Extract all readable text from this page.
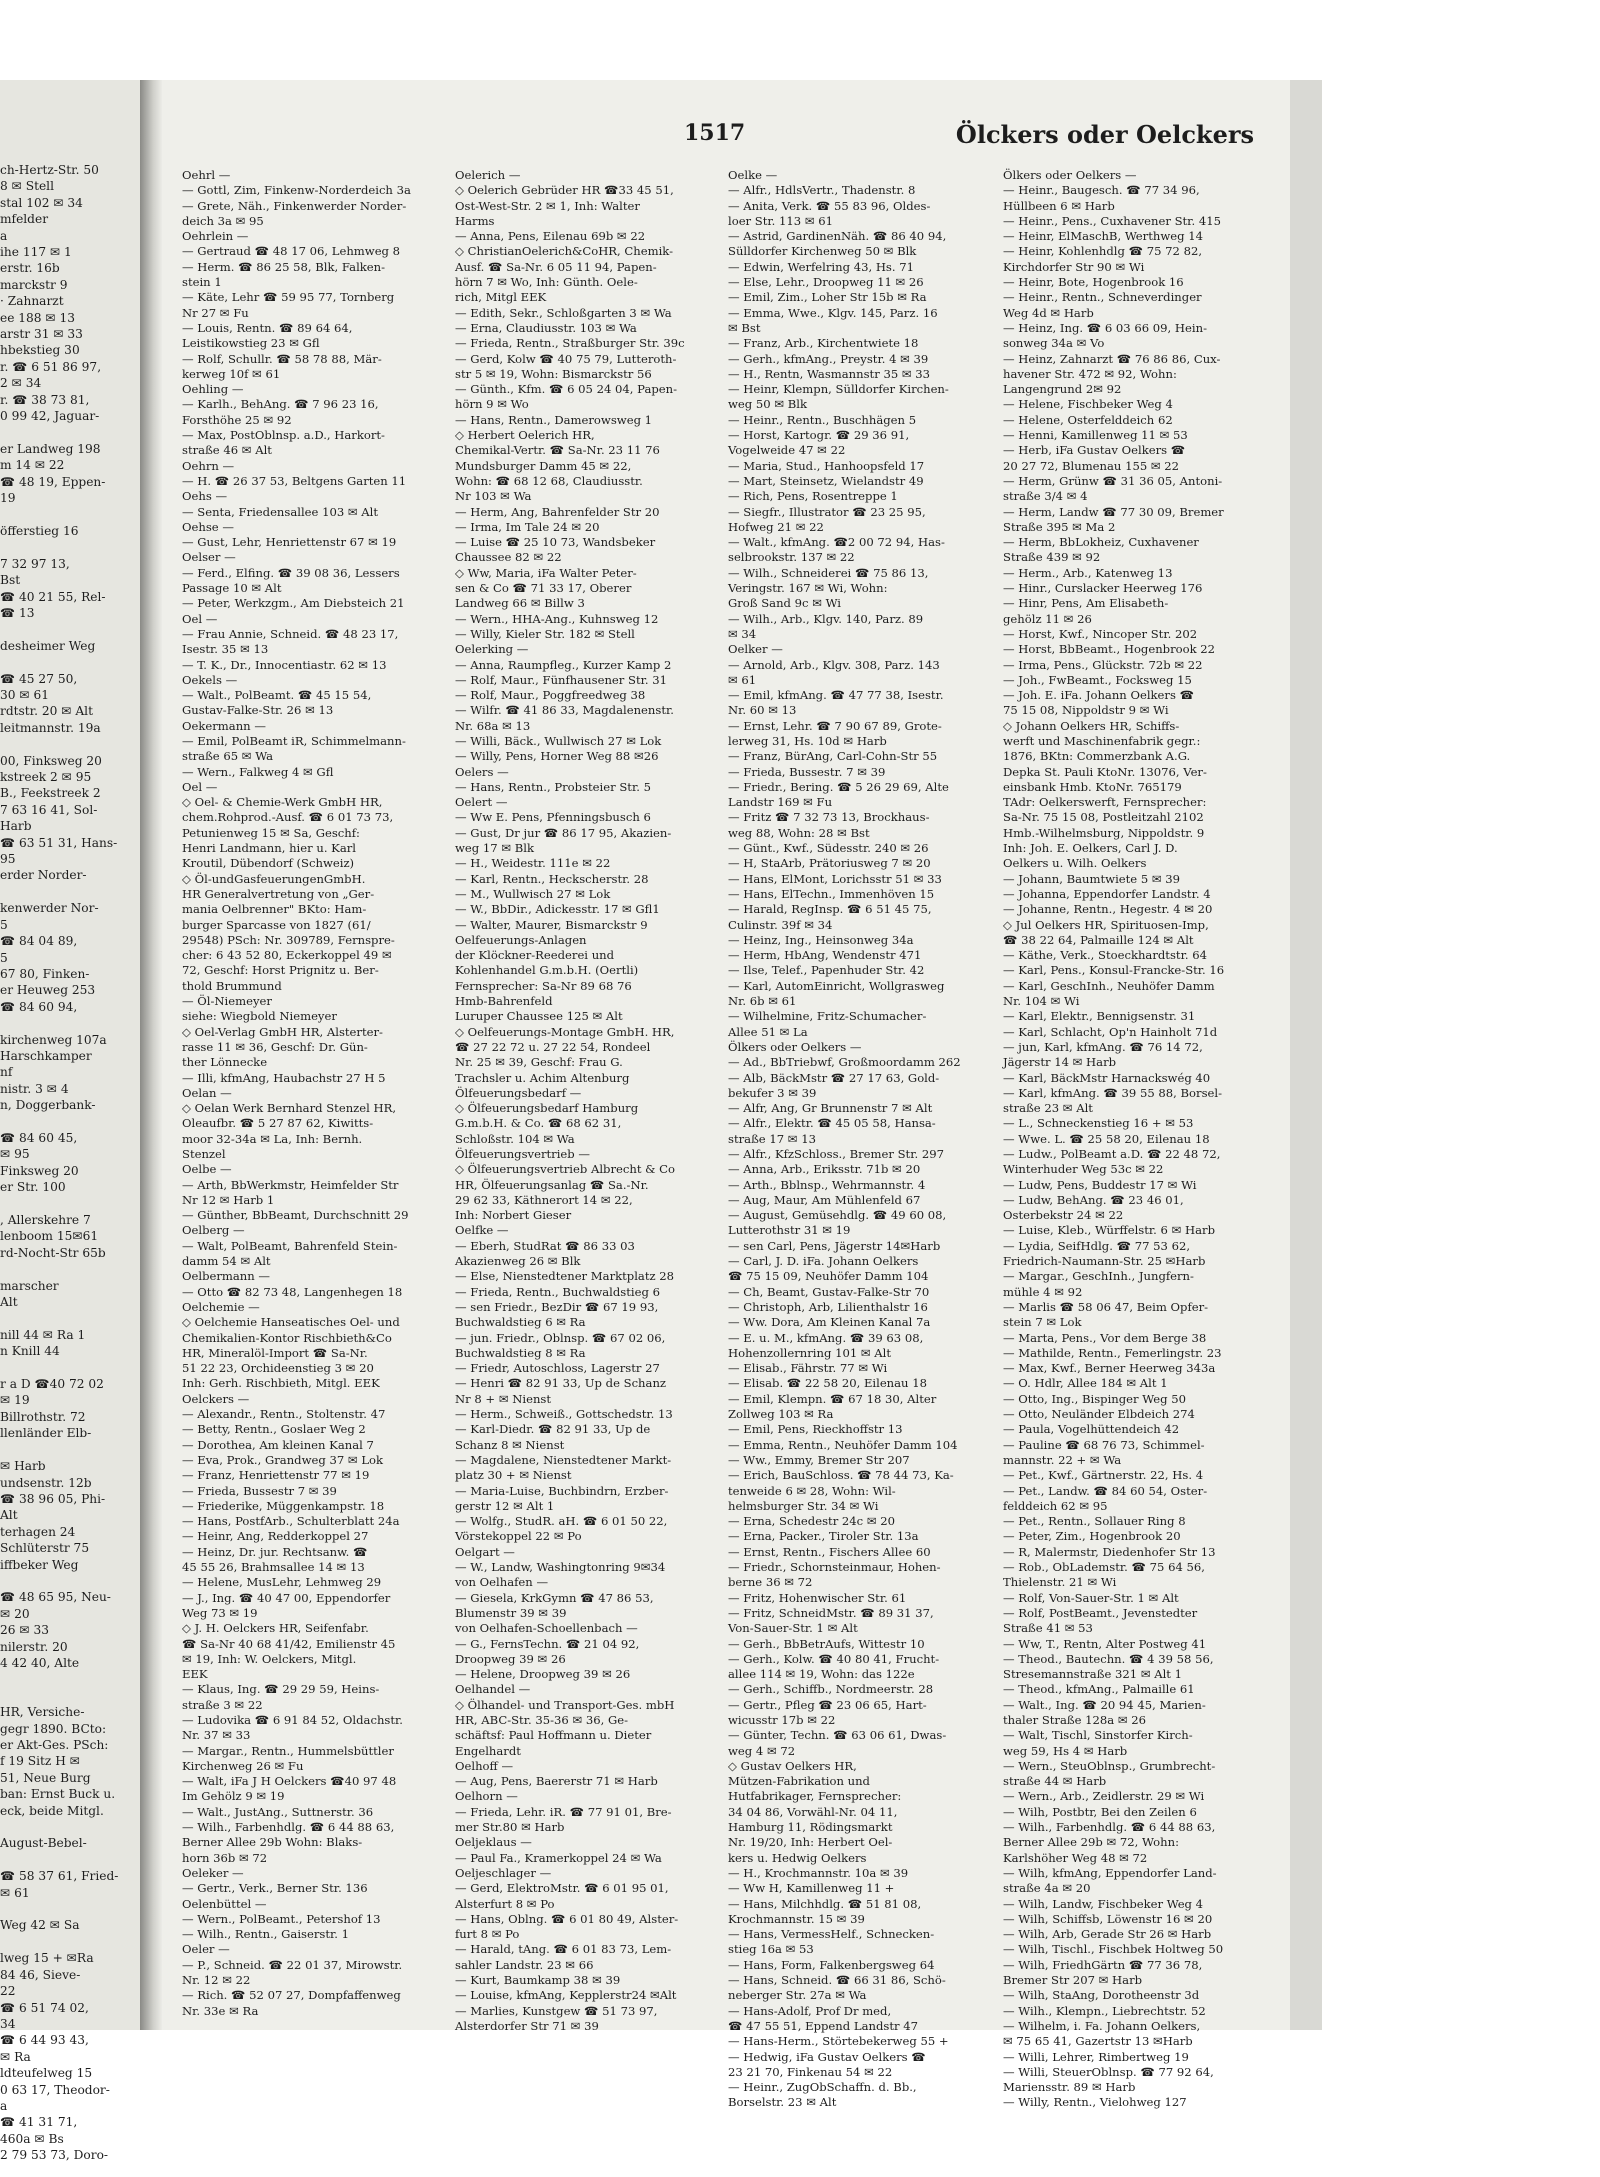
ch-Hertz-Str. 50
8 ✉ Stell
stal 102 ✉ 34
mfelder
a
ihe 117 ✉ 1
erstr. 16b
marckstr 9
· Zahnarzt
ee 188 ✉ 13
arstr 31 ✉ 33
hbekstieg 30
r. ☎ 6 51 86 97,
2 ✉ 34
r. ☎ 38 73 81,
0 99 42, Jaguar-

er Landweg 198
m 14 ✉ 22
☎ 48 19, Eppen-
19

öfferstieg 16

7 32 97 13,
Bst
☎ 40 21 55, Rel-
☎ 13

desheimer Weg

☎ 45 27 50,
30 ✉ 61
rdtstr. 20 ✉ Alt
leitmannstr. 19a

00, Finksweg 20
kstreek 2 ✉ 95
B., Feekstreek 2
7 63 16 41, Sol-
Harb
☎ 63 51 31, Hans-
95
erder Norder-

kenwerder Nor-
5
☎ 84 04 89,
5
67 80, Finken-
er Heuweg 253
☎ 84 60 94,

kirchenweg 107a
Harschkamper
nf
nistr. 3 ✉ 4
n, Doggerbank-

☎ 84 60 45,
✉ 95
Finksweg 20
er Str. 100

, Allerskehre 7
lenboom 15✉61
rd-Nocht-Str 65b

marscher
Alt

nill 44 ✉ Ra 1
n Knill 44

r a D ☎40 72 02
✉ 19
Billrothstr. 72
llenländer Elb-

✉ Harb
undsenstr. 12b
☎ 38 96 05, Phi-
Alt
terhagen 24
Schlüterstr 75
iffbeker Weg

☎ 48 65 95, Neu-
✉ 20
26 ✉ 33
nilerstr. 20
4 42 40, Alte

HR, Versiche-
gegr 1890. BCto:
er Akt-Ges. PSch:
f 19 Sitz H ✉
51, Neue Burg
ban: Ernst Buck u.
eck, beide Mitgl.

August-Bebel-

☎ 58 37 61, Fried-
✉ 61

Weg 42 ✉ Sa

lweg 15 + ✉Ra
84 46, Sieve-
22
☎ 6 51 74 02,
34
☎ 6 44 93 43,
✉ Ra
ldteufelweg 15
0 63 17, Theodor-
a
☎ 41 31 71,
460a ✉ Bs
2 79 53 73, Doro-
1517	Ölckers oder Oelckers
Oehrl —
— Gottl, Zim, Finkenw-Norderdeich 3a
— Grete, Näh., Finkenwerder Norder-
deich 3a ✉ 95
Oehrlein —
— Gertraud ☎ 48 17 06, Lehmweg 8
— Herm. ☎ 86 25 58, Blk, Falken-
stein 1
— Käte, Lehr ☎ 59 95 77, Tornberg
Nr 27 ✉ Fu
— Louis, Rentn. ☎ 89 64 64,
Leistikowstieg 23 ✉ Gfl
— Rolf, Schullr. ☎ 58 78 88, Mär-
kerweg 10f ✉ 61
Oehling —
— Karlh., BehAng. ☎ 7 96 23 16,
Forsthöhe 25 ✉ 92
— Max, PostOblnsp. a.D., Harkort-
straße 46 ✉ Alt
Oehrn —
— H. ☎ 26 37 53, Beltgens Garten 11
Oehs —
— Senta, Friedensallee 103 ✉ Alt
Oehse —
— Gust, Lehr, Henriettenstr 67 ✉ 19
Oelser —
— Ferd., Elfing. ☎ 39 08 36, Lessers
Passage 10 ✉ Alt
— Peter, Werkzgm., Am Diebsteich 21
Oel —
— Frau Annie, Schneid. ☎ 48 23 17,
Isestr. 35 ✉ 13
— T. K., Dr., Innocentiastr. 62 ✉ 13
Oekels —
— Walt., PolBeamt. ☎ 45 15 54,
Gustav-Falke-Str. 26 ✉ 13
Oekermann —
— Emil, PolBeamt iR, Schimmelmann-
straße 65 ✉ Wa
— Wern., Falkweg 4 ✉ Gfl
Oel —
◇ Oel- & Chemie-Werk GmbH HR,
chem.Rohprod.-Ausf. ☎ 6 01 73 73,
Petunienweg 15 ✉ Sa, Geschf:
Henri Landmann, hier u. Karl
Kroutil, Dübendorf (Schweiz)
◇ Öl-undGasfeuerungenGmbH.
HR Generalvertretung von „Ger-
mania Oelbrenner" BKto: Ham-
burger Sparcasse von 1827 (61/
29548) PSch: Nr. 309789, Fernspre-
cher: 6 43 52 80, Eckerkoppel 49 ✉
72, Geschf: Horst Prignitz u. Ber-
thold Brummund
— Öl-Niemeyer
siehe: Wiegbold Niemeyer
◇ Oel-Verlag GmbH HR, Alsterter-
rasse 11 ✉ 36, Geschf: Dr. Gün-
ther Lönnecke
— Illi, kfmAng, Haubachstr 27 H 5
Oelan —
◇ Oelan Werk Bernhard Stenzel HR,
Oleaufbr. ☎ 5 27 87 62, Kiwitts-
moor 32-34a ✉ La, Inh: Bernh.
Stenzel
Oelbe —
— Arth, BbWerkmstr, Heimfelder Str
Nr 12 ✉ Harb 1
— Günther, BbBeamt, Durchschnitt 29
Oelberg —
— Walt, PolBeamt, Bahrenfeld Stein-
damm 54 ✉ Alt
Oelbermann —
— Otto ☎ 82 73 48, Langenhegen 18
Oelchemie —
◇ Oelchemie Hanseatisches Oel- und
Chemikalien-Kontor Rischbieth&Co
HR, Mineralöl-Import ☎ Sa-Nr.
51 22 23, Orchideenstieg 3 ✉ 20
Inh: Gerh. Rischbieth, Mitgl. EEK
Oelckers —
— Alexandr., Rentn., Stoltenstr. 47
— Betty, Rentn., Goslaer Weg 2
— Dorothea, Am kleinen Kanal 7
— Eva, Prok., Grandweg 37 ✉ Lok
— Franz, Henriettenstr 77 ✉ 19
— Frieda, Bussestr 7 ✉ 39
— Friederike, Müggenkampstr. 18
— Hans, PostfArb., Schulterblatt 24a
— Heinr, Ang, Redderkoppel 27
— Heinz, Dr. jur. Rechtsanw. ☎
45 55 26, Brahmsallee 14 ✉ 13
— Helene, MusLehr, Lehmweg 29
— J., Ing. ☎ 40 47 00, Eppendorfer
Weg 73 ✉ 19
◇ J. H. Oelckers HR, Seifenfabr.
☎ Sa-Nr 40 68 41/42, Emilienstr 45
✉ 19, Inh: W. Oelckers, Mitgl.
EEK
— Klaus, Ing. ☎ 29 29 59, Heins-
straße 3 ✉ 22
— Ludovika ☎ 6 91 84 52, Oldachstr.
Nr. 37 ✉ 33
— Margar., Rentn., Hummelsbüttler
Kirchenweg 26 ✉ Fu
— Walt, iFa J H Oelckers ☎40 97 48
Im Gehölz 9 ✉ 19
— Walt., JustAng., Suttnerstr. 36
— Wilh., Farbenhdlg. ☎ 6 44 88 63,
Berner Allee 29b Wohn: Blaks-
horn 36b ✉ 72
Oeleker —
— Gertr., Verk., Berner Str. 136
Oelenbüttel —
— Wern., PolBeamt., Petershof 13
— Wilh., Rentn., Gaiserstr. 1
Oeler —
— P., Schneid. ☎ 22 01 37, Mirowstr.
Nr. 12 ✉ 22
— Rich. ☎ 52 07 27, Dompfaffenweg
Nr. 33e ✉ Ra
Oelerich —
◇ Oelerich Gebrüder HR ☎33 45 51,
Ost-West-Str. 2 ✉ 1, Inh: Walter
Harms
— Anna, Pens, Eilenau 69b ✉ 22
◇ ChristianOelerich&CoHR, Chemik-
Ausf. ☎ Sa-Nr. 6 05 11 94, Papen-
hörn 7 ✉ Wo, Inh: Günth. Oele-
rich, Mitgl EEK
— Edith, Sekr., Schloßgarten 3 ✉ Wa
— Erna, Claudiusstr. 103 ✉ Wa
— Frieda, Rentn., Straßburger Str. 39c
— Gerd, Kolw ☎ 40 75 79, Lutteroth-
str 5 ✉ 19, Wohn: Bismarckstr 56
— Günth., Kfm. ☎ 6 05 24 04, Papen-
hörn 9 ✉ Wo
— Hans, Rentn., Damerowsweg 1
◇ Herbert Oelerich HR,
Chemikal-Vertr. ☎ Sa-Nr. 23 11 76
Mundsburger Damm 45 ✉ 22,
Wohn: ☎ 68 12 68, Claudiusstr.
Nr 103 ✉ Wa
— Herm, Ang, Bahrenfelder Str 20
— Irma, Im Tale 24 ✉ 20
— Luise ☎ 25 10 73, Wandsbeker
Chaussee 82 ✉ 22
◇ Ww, Maria, iFa Walter Peter-
sen & Co ☎ 71 33 17, Oberer
Landweg 66 ✉ Billw 3
— Wern., HHA-Ang., Kuhnsweg 12
— Willy, Kieler Str. 182 ✉ Stell
Oelerking —
— Anna, Raumpfleg., Kurzer Kamp 2
— Rolf, Maur., Fünfhausener Str. 31
— Rolf, Maur., Poggfreedweg 38
— Wilfr. ☎ 41 86 33, Magdalenenstr.
Nr. 68a ✉ 13
— Willi, Bäck., Wullwisch 27 ✉ Lok
— Willy, Pens, Horner Weg 88 ✉26
Oelers —
— Hans, Rentn., Probsteier Str. 5
Oelert —
— Ww E. Pens, Pfenningsbusch 6
— Gust, Dr jur ☎ 86 17 95, Akazien-
weg 17 ✉ Blk
— H., Weidestr. 111e ✉ 22
— Karl, Rentn., Heckscherstr. 28
— M., Wullwisch 27 ✉ Lok
— W., BbDir., Adickesstr. 17 ✉ Gfl1
— Walter, Maurer, Bismarckstr 9
Oelfeuerungs-Anlagen
der Klöckner-Reederei und
Kohlenhandel G.m.b.H. (Oertli)
Fernsprecher: Sa-Nr 89 68 76
Hmb-Bahrenfeld
Luruper Chaussee 125 ✉ Alt
◇ Oelfeuerungs-Montage GmbH. HR,
☎ 27 22 72 u. 27 22 54, Rondeel
Nr. 25 ✉ 39, Geschf: Frau G.
Trachsler u. Achim Altenburg
Ölfeuerungsbedarf —
◇ Ölfeuerungsbedarf Hamburg
G.m.b.H. & Co. ☎ 68 62 31,
Schloßstr. 104 ✉ Wa
Ölfeuerungsvertrieb —
◇ Ölfeuerungsvertrieb Albrecht & Co
HR, Ölfeuerungsanlag ☎ Sa.-Nr.
29 62 33, Käthnerort 14 ✉ 22,
Inh: Norbert Gieser
Oelfke —
— Eberh, StudRat ☎ 86 33 03
Akazienweg 26 ✉ Blk
— Else, Nienstedtener Marktplatz 28
— Frieda, Rentn., Buchwaldstieg 6
— sen Friedr., BezDir ☎ 67 19 93,
Buchwaldstieg 6 ✉ Ra
— jun. Friedr., Oblnsp. ☎ 67 02 06,
Buchwaldstieg 8 ✉ Ra
— Friedr, Autoschloss, Lagerstr 27
— Henri ☎ 82 91 33, Up de Schanz
Nr 8 + ✉ Nienst
— Herm., Schweiß., Gottschedstr. 13
— Karl-Diedr. ☎ 82 91 33, Up de
Schanz 8 ✉ Nienst
— Magdalene, Nienstedtener Markt-
platz 30 + ✉ Nienst
— Maria-Luise, Buchbindrn, Erzber-
gerstr 12 ✉ Alt 1
— Wolfg., StudR. aH. ☎ 6 01 50 22,
Vörstekoppel 22 ✉ Po
Oelgart —
— W., Landw, Washingtonring 9✉34
von Oelhafen —
— Giesela, KrkGymn ☎ 47 86 53,
Blumenstr 39 ✉ 39
von Oelhafen-Schoellenbach —
— G., FernsTechn. ☎ 21 04 92,
Droopweg 39 ✉ 26
— Helene, Droopweg 39 ✉ 26
Oelhandel —
◇ Ölhandel- und Transport-Ges. mbH
HR, ABC-Str. 35-36 ✉ 36, Ge-
schäftsf: Paul Hoffmann u. Dieter
Engelhardt
Oelhoff —
— Aug, Pens, Baererstr 71 ✉ Harb
Oelhorn —
— Frieda, Lehr. iR. ☎ 77 91 01, Bre-
mer Str.80 ✉ Harb
Oeljeklaus —
— Paul Fa., Kramerkoppel 24 ✉ Wa
Oeljeschlager —
— Gerd, ElektroMstr. ☎ 6 01 95 01,
Alsterfurt 8 ✉ Po
— Hans, Oblng. ☎ 6 01 80 49, Alster-
furt 8 ✉ Po
— Harald, tAng. ☎ 6 01 83 73, Lem-
sahler Landstr. 23 ✉ 66
— Kurt, Baumkamp 38 ✉ 39
— Louise, kfmAng, Kepplerstr24 ✉Alt
— Marlies, Kunstgew ☎ 51 73 97,
Alsterdorfer Str 71 ✉ 39
Oelke —
— Alfr., HdlsVertr., Thadenstr. 8
— Anita, Verk. ☎ 55 83 96, Oldes-
loer Str. 113 ✉ 61
— Astrid, GardinenNäh. ☎ 86 40 94,
Sülldorfer Kirchenweg 50 ✉ Blk
— Edwin, Werfelring 43, Hs. 71
— Else, Lehr., Droopweg 11 ✉ 26
— Emil, Zim., Loher Str 15b ✉ Ra
— Emma, Wwe., Klgv. 145, Parz. 16
✉ Bst
— Franz, Arb., Kirchentwiete 18
— Gerh., kfmAng., Preystr. 4 ✉ 39
— H., Rentn, Wasmannstr 35 ✉ 33
— Heinr, Klempn, Sülldorfer Kirchen-
weg 50 ✉ Blk
— Heinr., Rentn., Buschhägen 5
— Horst, Kartogr. ☎ 29 36 91,
Vogelweide 47 ✉ 22
— Maria, Stud., Hanhoopsfeld 17
— Mart, Steinsetz, Wielandstr 49
— Rich, Pens, Rosentreppe 1
— Siegfr., Illustrator ☎ 23 25 95,
Hofweg 21 ✉ 22
— Walt., kfmAng. ☎2 00 72 94, Has-
selbrookstr. 137 ✉ 22
— Wilh., Schneiderei ☎ 75 86 13,
Veringstr. 167 ✉ Wi, Wohn:
Groß Sand 9c ✉ Wi
— Wilh., Arb., Klgv. 140, Parz. 89
✉ 34
Oelker —
— Arnold, Arb., Klgv. 308, Parz. 143
✉ 61
— Emil, kfmAng. ☎ 47 77 38, Isestr.
Nr. 60 ✉ 13
— Ernst, Lehr. ☎ 7 90 67 89, Grote-
lerweg 31, Hs. 10d ✉ Harb
— Franz, BürAng, Carl-Cohn-Str 55
— Frieda, Bussestr. 7 ✉ 39
— Friedr., Bering. ☎ 5 26 29 69, Alte
Landstr 169 ✉ Fu
— Fritz ☎ 7 32 73 13, Brockhaus-
weg 88, Wohn: 28 ✉ Bst
— Günt., Kwf., Südesstr. 240 ✉ 26
— H, StaArb, Prätoriusweg 7 ✉ 20
— Hans, ElMont, Lorichsstr 51 ✉ 33
— Hans, ElTechn., Immenhöven 15
— Harald, RegInsp. ☎ 6 51 45 75,
Culinstr. 39f ✉ 34
— Heinz, Ing., Heinsonweg 34a
— Herm, HbAng, Wendenstr 471
— Ilse, Telef., Papenhuder Str. 42
— Karl, AutomEinricht, Wollgrasweg
Nr. 6b ✉ 61
— Wilhelmine, Fritz-Schumacher-
Allee 51 ✉ La
Ölkers oder Oelkers —
— Ad., BbTriebwf, Großmoordamm 262
— Alb, BäckMstr ☎ 27 17 63, Gold-
bekufer 3 ✉ 39
— Alfr, Ang, Gr Brunnenstr 7 ✉ Alt
— Alfr., Elektr. ☎ 45 05 58, Hansa-
straße 17 ✉ 13
— Alfr., KfzSchloss., Bremer Str. 297
— Anna, Arb., Eriksstr. 71b ✉ 20
— Arth., Bblnsp., Wehrmannstr. 4
— Aug, Maur, Am Mühlenfeld 67
— August, Gemüsehdlg. ☎ 49 60 08,
Lutterothstr 31 ✉ 19
— sen Carl, Pens, Jägerstr 14✉Harb
— Carl, J. D. iFa. Johann Oelkers
☎ 75 15 09, Neuhöfer Damm 104
— Ch, Beamt, Gustav-Falke-Str 70
— Christoph, Arb, Lilienthalstr 16
— Ww. Dora, Am Kleinen Kanal 7a
— E. u. M., kfmAng. ☎ 39 63 08,
Hohenzollernring 101 ✉ Alt
— Elisab., Fährstr. 77 ✉ Wi
— Elisab. ☎ 22 58 20, Eilenau 18
— Emil, Klempn. ☎ 67 18 30, Alter
Zollweg 103 ✉ Ra
— Emil, Pens, Rieckhoffstr 13
— Emma, Rentn., Neuhöfer Damm 104
— Ww., Emmy, Bremer Str 207
— Erich, BauSchloss. ☎ 78 44 73, Ka-
tenweide 6 ✉ 28, Wohn: Wil-
helmsburger Str. 34 ✉ Wi
— Erna, Schedestr 24c ✉ 20
— Erna, Packer., Tiroler Str. 13a
— Ernst, Rentn., Fischers Allee 60
— Friedr., Schornsteinmaur, Hohen-
berne 36 ✉ 72
— Fritz, Hohenwischer Str. 61
— Fritz, SchneidMstr. ☎ 89 31 37,
Von-Sauer-Str. 1 ✉ Alt
— Gerh., BbBetrAufs, Wittestr 10
— Gerh., Kolw. ☎ 40 80 41, Frucht-
allee 114 ✉ 19, Wohn: das 122e
— Gerh., Schiffb., Nordmeerstr. 28
— Gertr., Pfleg ☎ 23 06 65, Hart-
wicusstr 17b ✉ 22
— Günter, Techn. ☎ 63 06 61, Dwas-
weg 4 ✉ 72
◇ Gustav Oelkers HR,
Mützen-Fabrikation und
Hutfabrikager, Fernsprecher:
34 04 86, Vorwähl-Nr. 04 11,
Hamburg 11, Rödingsmarkt
Nr. 19/20, Inh: Herbert Oel-
kers u. Hedwig Oelkers
— H., Krochmannstr. 10a ✉ 39
— Ww H, Kamillenweg 11 +
— Hans, Milchhdlg. ☎ 51 81 08,
Krochmannstr. 15 ✉ 39
— Hans, VermessHelf., Schnecken-
stieg 16a ✉ 53
— Hans, Form, Falkenbergsweg 64
— Hans, Schneid. ☎ 66 31 86, Schö-
neberger Str. 27a ✉ Wa
— Hans-Adolf, Prof Dr med,
☎ 47 55 51, Eppend Landstr 47
— Hans-Herm., Störtebekerweg 55 +
— Hedwig, iFa Gustav Oelkers ☎
23 21 70, Finkenau 54 ✉ 22
— Heinr., ZugObSchaffn. d. Bb.,
Borselstr. 23 ✉ Alt
Ölkers oder Oelkers —
— Heinr., Baugesch. ☎ 77 34 96,
Hüllbeen 6 ✉ Harb
— Heinr., Pens., Cuxhavener Str. 415
— Heinr, ElMaschB, Werthweg 14
— Heinr, Kohlenhdlg ☎ 75 72 82,
Kirchdorfer Str 90 ✉ Wi
— Heinr, Bote, Hogenbrook 16
— Heinr., Rentn., Schneverdinger
Weg 4d ✉ Harb
— Heinz, Ing. ☎ 6 03 66 09, Hein-
sonweg 34a ✉ Vo
— Heinz, Zahnarzt ☎ 76 86 86, Cux-
havener Str. 472 ✉ 92, Wohn:
Langengrund 2✉ 92
— Helene, Fischbeker Weg 4
— Helene, Osterfelddeich 62
— Henni, Kamillenweg 11 ✉ 53
— Herb, iFa Gustav Oelkers ☎
20 27 72, Blumenau 155 ✉ 22
— Herm, Grünw ☎ 31 36 05, Antoni-
straße 3/4 ✉ 4
— Herm, Landw ☎ 77 30 09, Bremer
Straße 395 ✉ Ma 2
— Herm, BbLokheiz, Cuxhavener
Straße 439 ✉ 92
— Herm., Arb., Katenweg 13
— Hinr., Curslacker Heerweg 176
— Hinr, Pens, Am Elisabeth-
gehölz 11 ✉ 26
— Horst, Kwf., Nincoper Str. 202
— Horst, BbBeamt., Hogenbrook 22
— Irma, Pens., Glückstr. 72b ✉ 22
— Joh., FwBeamt., Focksweg 15
— Joh. E. iFa. Johann Oelkers ☎
75 15 08, Nippoldstr 9 ✉ Wi
◇ Johann Oelkers HR, Schiffs-
werft und Maschinenfabrik gegr.:
1876, BKtn: Commerzbank A.G.
Depka St. Pauli KtoNr. 13076, Ver-
einsbank Hmb. KtoNr. 765179
TAdr: Oelkerswerft, Fernsprecher:
Sa-Nr. 75 15 08, Postleitzahl 2102
Hmb.-Wilhelmsburg, Nippoldstr. 9
Inh: Joh. E. Oelkers, Carl J. D.
Oelkers u. Wilh. Oelkers
— Johann, Baumtwiete 5 ✉ 39
— Johanna, Eppendorfer Landstr. 4
— Johanne, Rentn., Hegestr. 4 ✉ 20
◇ Jul Oelkers HR, Spirituosen-Imp,
☎ 38 22 64, Palmaille 124 ✉ Alt
— Käthe, Verk., Stoeckhardtstr. 64
— Karl, Pens., Konsul-Francke-Str. 16
— Karl, GeschInh., Neuhöfer Damm
Nr. 104 ✉ Wi
— Karl, Elektr., Bennigsenstr. 31
— Karl, Schlacht, Op'n Hainholt 71d
— jun, Karl, kfmAng. ☎ 76 14 72,
Jägerstr 14 ✉ Harb
— Karl, BäckMstr Harnackswég 40
— Karl, kfmAng. ☎ 39 55 88, Borsel-
straße 23 ✉ Alt
— L., Schneckenstieg 16 + ✉ 53
— Wwe. L. ☎ 25 58 20, Eilenau 18
— Ludw., PolBeamt a.D. ☎ 22 48 72,
Winterhuder Weg 53c ✉ 22
— Ludw, Pens, Buddestr 17 ✉ Wi
— Ludw, BehAng. ☎ 23 46 01,
Osterbekstr 24 ✉ 22
— Luise, Kleb., Würffelstr. 6 ✉ Harb
— Lydia, SeifHdlg. ☎ 77 53 62,
Friedrich-Naumann-Str. 25 ✉Harb
— Margar., GeschInh., Jungfern-
mühle 4 ✉ 92
— Marlis ☎ 58 06 47, Beim Opfer-
stein 7 ✉ Lok
— Marta, Pens., Vor dem Berge 38
— Mathilde, Rentn., Femerlingstr. 23
— Max, Kwf., Berner Heerweg 343a
— O. Hdlr, Allee 184 ✉ Alt 1
— Otto, Ing., Bispinger Weg 50
— Otto, Neuländer Elbdeich 274
— Paula, Vogelhüttendeich 42
— Pauline ☎ 68 76 73, Schimmel-
mannstr. 22 + ✉ Wa
— Pet., Kwf., Gärtnerstr. 22, Hs. 4
— Pet., Landw. ☎ 84 60 54, Oster-
felddeich 62 ✉ 95
— Pet., Rentn., Sollauer Ring 8
— Peter, Zim., Hogenbrook 20
— R, Malermstr, Diedenhofer Str 13
— Rob., ObLademstr. ☎ 75 64 56,
Thielenstr. 21 ✉ Wi
— Rolf, Von-Sauer-Str. 1 ✉ Alt
— Rolf, PostBeamt., Jevenstedter
Straße 41 ✉ 53
— Ww, T., Rentn, Alter Postweg 41
— Theod., Bautechn. ☎ 4 39 58 56,
Stresemannstraße 321 ✉ Alt 1
— Theod., kfmAng., Palmaille 61
— Walt., Ing. ☎ 20 94 45, Marien-
thaler Straße 128a ✉ 26
— Walt, Tischl, Sinstorfer Kirch-
weg 59, Hs 4 ✉ Harb
— Wern., SteuOblnsp., Grumbrecht-
straße 44 ✉ Harb
— Wern., Arb., Zeidlerstr. 29 ✉ Wi
— Wilh, Postbtr, Bei den Zeilen 6
— Wilh., Farbenhdlg. ☎ 6 44 88 63,
Berner Allee 29b ✉ 72, Wohn:
Karlshöher Weg 48 ✉ 72
— Wilh, kfmAng, Eppendorfer Land-
straße 4a ✉ 20
— Wilh, Landw, Fischbeker Weg 4
— Wilh, Schiffsb, Löwenstr 16 ✉ 20
— Wilh, Arb, Gerade Str 26 ✉ Harb
— Wilh, Tischl., Fischbek Holtweg 50
— Wilh, FriedhGärtn ☎ 77 36 78,
Bremer Str 207 ✉ Harb
— Wilh, StaAng, Dorotheenstr 3d
— Wilh., Klempn., Liebrechtstr. 52
— Wilhelm, i. Fa. Johann Oelkers,
✉ 75 65 41, Gazertstr 13 ✉Harb
— Willi, Lehrer, Rimbertweg 19
— Willi, SteuerOblnsp. ☎ 77 92 64,
Mariensstr. 89 ✉ Harb
— Willy, Rentn., Vielohweg 127
